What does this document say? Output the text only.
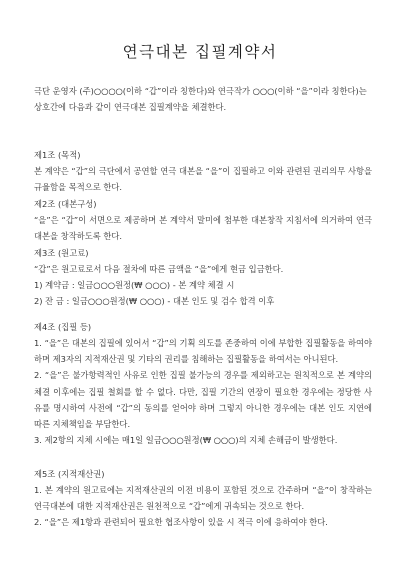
연극대본 집필계약서
극단 운영자 (주)○○○○(이하 “갑”이라 칭한다)와 연극작가 ○○○(이하 “을”이라 칭한다)는 상호간에 다음과 같이 연극대본 집필계약을 체결한다.
제1조 (목적)
본 계약은 “갑”의 극단에서 공연할 연극 대본을 “을”이 집필하고 이와 관련된 권리의무 사항을 규율함을 목적으로 한다.
제2조 (대본구성)
“을”은 “갑”이 서면으로 제공하며 본 계약서 말미에 첨부한 대본창작 지침서에 의거하여 연극대본을 창작하도록 한다.
제3조 (원고료)
“갑”은 원고료로서 다음 절차에 따른 금액을 “을”에게 현금 입금한다.
1) 계약금 : 일금○○○원정(₩ ○○○) - 본 계약 체결 시
2) 잔 금 : 일금○○○원정(₩ ○○○) - 대본 인도 및 검수 합격 이후
제4조 (집필 등)
1. “을”은 대본의 집필에 있어서 “갑”의 기획 의도를 존중하여 이에 부합한 집필활동을 하여야 하며 제3자의 지적재산권 및 기타의 권리를 침해하는 집필활동을 하여서는 아니된다.
2. “을”은 불가항력적인 사유로 인한 집필 불가능의 경우를 제외하고는 원칙적으로 본 계약의 체결 이후에는 집필 철회를 할 수 없다. 다만, 집필 기간의 연장이 필요한 경우에는 정당한 사유를 명시하여 사전에 “갑”의 동의를 얻어야 하며 그렇지 아니한 경우에는 대본 인도 지연에 따른 지체책임을 부담한다.
3. 제2항의 지체 시에는 매1일 일금○○○원정(₩ ○○○)의 지체 손해금이 발생한다.
제5조 (지적재산권)
1. 본 계약의 원고료에는 지적재산권의 이전 비용이 포함된 것으로 간주하며 “을”이 창작하는 연극대본에 대한 지적재산권은 원천적으로 “갑”에게 귀속되는 것으로 한다.
2. “을”은 제1항과 관련되어 필요한 협조사항이 있을 시 적극 이에 응하여야 한다.
